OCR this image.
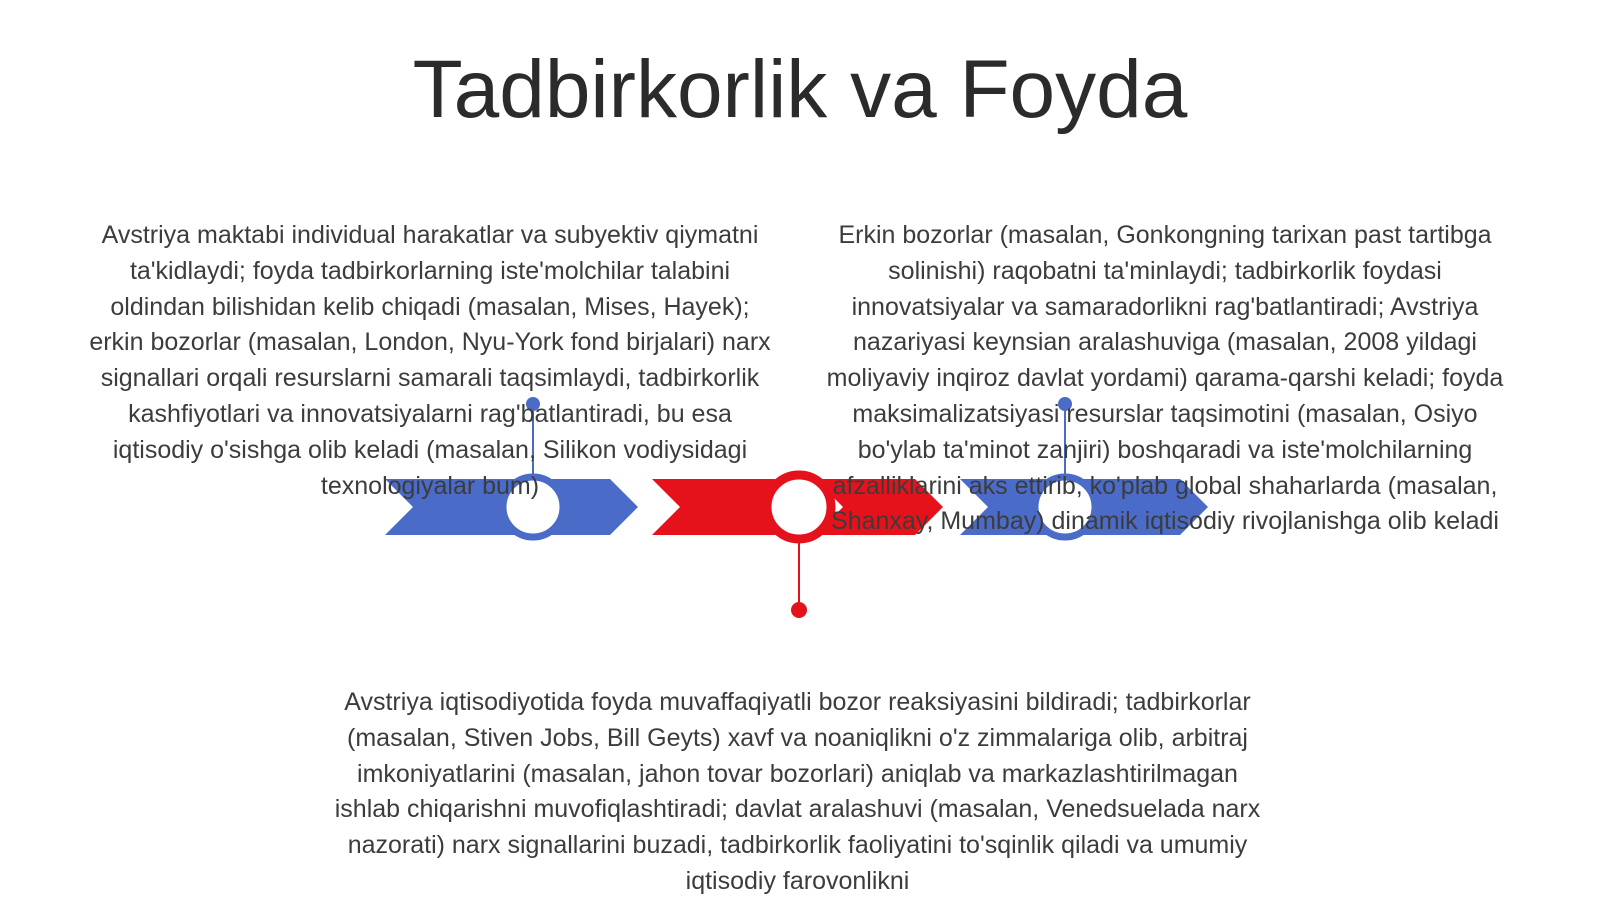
Tadbirkorlik va Foyda

Avstriya maktabi individual harakatlar va subyektiv qiymatni ta'kidlaydi; foyda tadbirkorlarning iste'molchilar talabini oldindan bilishidan kelib chiqadi (masalan, Mises, Hayek); erkin bozorlar (masalan, London, Nyu-York fond birjalari) narx signallari orqali resurslarni samarali taqsimlaydi, tadbirkorlik kashfiyotlari va innovatsiyalarni rag'batlantiradi, bu esa iqtisodiy o'sishga olib keladi (masalan, Silikon vodiysidagi texnologiyalar bum)

Erkin bozorlar (masalan, Gonkongning tarixan past tartibga solinishi) raqobatni ta'minlaydi; tadbirkorlik foydasi innovatsiyalar va samaradorlikni rag'batlantiradi; Avstriya nazariyasi keynsian aralashuviga (masalan, 2008 yildagi moliyaviy inqiroz davlat yordami) qarama-qarshi keladi; foyda maksimalizatsiyasi resurslar taqsimotini (masalan, Osiyo bo'ylab ta'minot zanjiri) boshqaradi va iste'molchilarning afzalliklarini aks ettirib, ko'plab global shaharlarda (masalan, Shanxay, Mumbay) dinamik iqtisodiy rivojlanishga olib keladi

Avstriya iqtisodiyotida foyda muvaffaqiyatli bozor reaksiyasini bildiradi; tadbirkorlar (masalan, Stiven Jobs, Bill Geyts) xavf va noaniqlikni o'z zimmalariga olib, arbitraj imkoniyatlarini (masalan, jahon tovar bozorlari) aniqlab va markazlashtirilmagan ishlab chiqarishni muvofiqlashtiradi; davlat aralashuvi (masalan, Venedsuelada narx nazorati) narx signallarini buzadi, tadbirkorlik faoliyatini to'sqinlik qiladi va umumiy iqtisodiy farovonlikni
